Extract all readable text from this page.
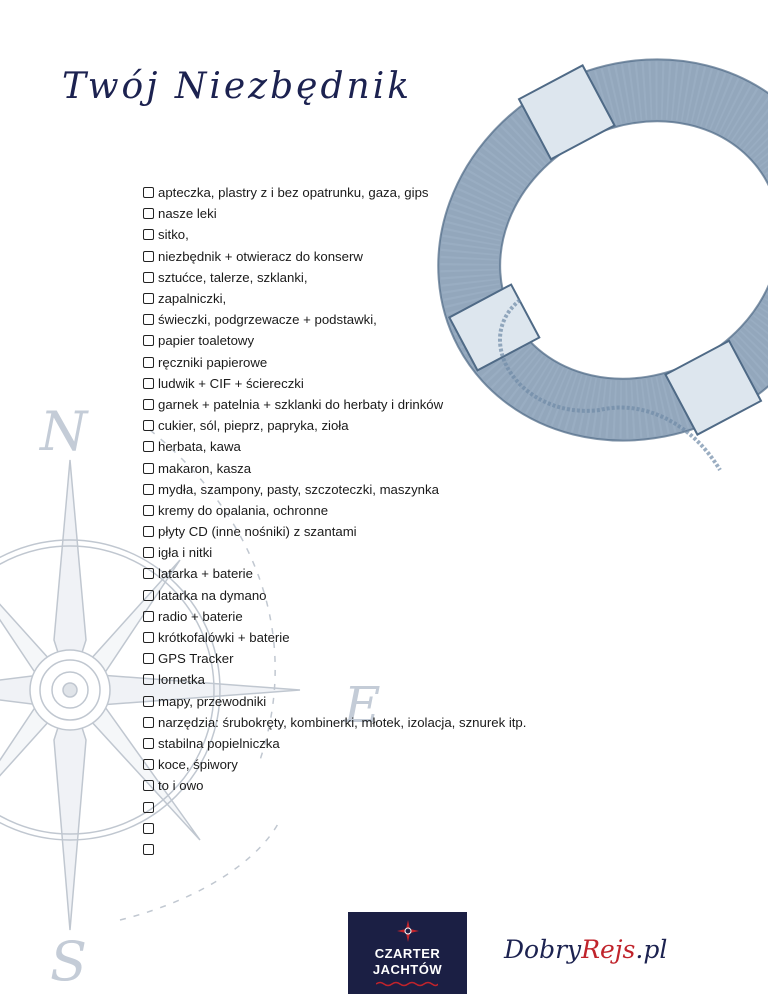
N
E
S
Twój Niezbędnik
apteczka, plastry z i bez opatrunku, gaza, gips
nasze leki
sitko,
niezbędnik + otwieracz do konserw
sztućce, talerze, szklanki,
zapalniczki,
świeczki, podgrzewacze + podstawki,
papier toaletowy
ręczniki papierowe
ludwik + CIF + ściereczki
garnek + patelnia + szklanki do herbaty i drinków
cukier, sól, pieprz, papryka, zioła
herbata, kawa
makaron, kasza
mydła, szampony, pasty, szczoteczki, maszynka
kremy do opalania, ochronne
płyty CD (inne nośniki) z szantami
igła i nitki
latarka + baterie
latarka na dymano
radio + baterie
krótkofalówki + baterie
GPS Tracker
lornetka
mapy, przewodniki
narzędzia: śrubokręty, kombinerki, młotek, izolacja, sznurek itp.
stabilna popielniczka
koce, śpiwory
to i owo
CZARTER
JACHTÓW
DobryRejs.pl
